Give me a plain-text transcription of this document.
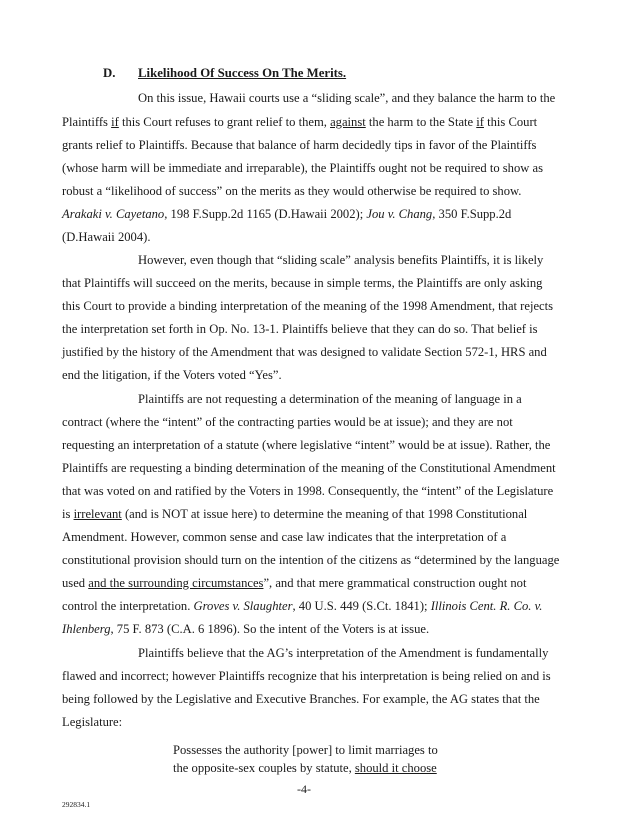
D. Likelihood Of Success On The Merits.
On this issue, Hawaii courts use a “sliding scale”, and they balance the harm to the
Plaintiffs if this Court refuses to grant relief to them, against the harm to the State if this Court
grants relief to Plaintiffs. Because that balance of harm decidedly tips in favor of the Plaintiffs
(whose harm will be immediate and irreparable), the Plaintiffs ought not be required to show as
robust a “likelihood of success” on the merits as they would otherwise be required to show.
Arakaki v. Cayetano, 198 F.Supp.2d 1165 (D.Hawaii 2002); Jou v. Chang, 350 F.Supp.2d
(D.Hawaii 2004).
However, even though that “sliding scale” analysis benefits Plaintiffs, it is likely
that Plaintiffs will succeed on the merits, because in simple terms, the Plaintiffs are only asking
this Court to provide a binding interpretation of the meaning of the 1998 Amendment, that rejects
the interpretation set forth in Op. No. 13-1. Plaintiffs believe that they can do so. That belief is
justified by the history of the Amendment that was designed to validate Section 572-1, HRS and
end the litigation, if the Voters voted “Yes”.
Plaintiffs are not requesting a determination of the meaning of language in a
contract (where the “intent” of the contracting parties would be at issue); and they are not
requesting an interpretation of a statute (where legislative “intent” would be at issue). Rather, the
Plaintiffs are requesting a binding determination of the meaning of the Constitutional Amendment
that was voted on and ratified by the Voters in 1998. Consequently, the “intent” of the Legislature
is irrelevant (and is NOT at issue here) to determine the meaning of that 1998 Constitutional
Amendment. However, common sense and case law indicates that the interpretation of a
constitutional provision should turn on the intention of the citizens as “determined by the language
used and the surrounding circumstances”, and that mere grammatical construction ought not
control the interpretation. Groves v. Slaughter, 40 U.S. 449 (S.Ct. 1841); Illinois Cent. R. Co. v.
Ihlenberg, 75 F. 873 (C.A. 6 1896). So the intent of the Voters is at issue.
Plaintiffs believe that the AG’s interpretation of the Amendment is fundamentally
flawed and incorrect; however Plaintiffs recognize that his interpretation is being relied on and is
being followed by the Legislative and Executive Branches. For example, the AG states that the
Legislature:
Possesses the authority [power] to limit marriages to
the opposite-sex couples by statute, should it choose
-4-
292834.1
